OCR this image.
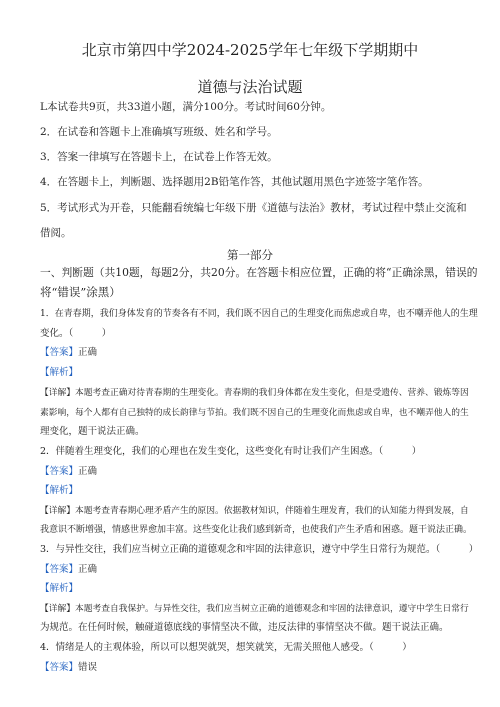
北京市第四中学2024-2025学年七年级下学期期中
道德与法治试题
L本试卷共9页，共33道小题，满分100分。考试时间60分钟。
2．在试卷和答题卡上准确填写班级、姓名和学号。
3．答案一律填写在答题卡上，在试卷上作答无效。
4．在答题卡上，判断题、选择题用2B铅笔作答，其他试题用黑色字迹签字笔作答。
5．考试形式为开卷，只能翻看统编七年级下册《道德与法治》教材，考试过程中禁止交流和
借阅。
第一部分
一、判断题（共10题，每题2分，共20分。在答题卡相应位置，正确的将“正确涂黑，错误的
将“错误”涂黑）
1．在青春期，我们身体发育的节奏各有不同，我们既不因自己的生理变化而焦虑或自卑，也不嘲弄他人的生理
变化。（　　　）
【答案】正确
【解析】
【详解】本题考查正确对待青春期的生理变化。青春期的我们身体都在发生变化，但是受遗传、营养、锻炼等因
素影响，每个人都有自己独特的成长韵律与节拍。我们既不因自己的生理变化而焦虑或自卑，也不嘲弄他人的生
理变化，题干说法正确。
2．伴随着生理变化，我们的心理也在发生变化，这些变化有时让我们产生困惑。（　　　）
【答案】正确
【解析】
【详解】本题考查青春期心理矛盾产生的原因。依据教材知识，伴随着生理发育，我们的认知能力得到发展，自
我意识不断增强，情感世界愈加丰富。这些变化让我们感到新奇，也使我们产生矛盾和困惑。题干说法正确。
3．与异性交往，我们应当树立正确的道德观念和牢固的法律意识，遵守中学生日常行为规范。（　　　）
【答案】正确
【解析】
【详解】本题考查自我保护。与异性交往，我们应当树立正确的道德观念和牢固的法律意识，遵守中学生日常行
为规范。在任何时候，触碰道德底线的事情坚决不做，违反法律的事情坚决不做。题干说法正确。
4．情绪是人的主观体验，所以可以想哭就哭，想笑就笑，无需关照他人感受。（　　　）
【答案】错误
